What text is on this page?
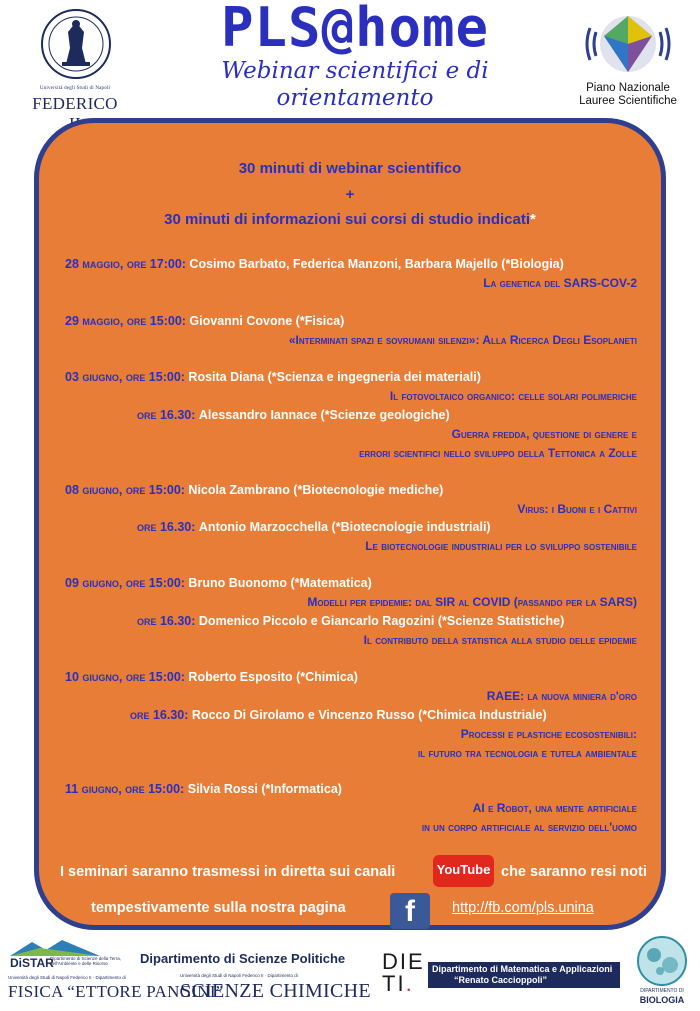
Università degli Studi di Napoli
FEDERICO
PLS@home
Webinar scientifici e di orientamento	Piano Nazionale
Lauree Scientifiche
30 minuti di webinar scientifico
+
30 minuti di informazioni sui corsi di studio indicati*
28 maggio, ore 17:00: Cosimo Barbato, Federica Manzoni, Barbara Majello (*Biologia)
La genetica del SARS-COV-2
29 maggio, ore 15:00: Giovanni Covone (*Fisica)
«Interminati spazi e sovrumani silenzi»: Alla Ricerca Degli Esoplaneti
03 giugno, ore 15:00: Rosita Diana (*Scienza e ingegneria dei materiali)
Il fotovoltaico organico: celle solari polimeriche
ore 16.30: Alessandro Iannace (*Scienze geologiche)
Guerra fredda, questione di genere e
errori scientifici nello sviluppo della Tettonica a Zolle
08 giugno, ore 15:00: Nicola Zambrano (*Biotecnologie mediche)
Virus: i Buoni e i Cattivi
ore 16.30: Antonio Marzocchella (*Biotecnologie industriali)
Le biotecnologie industriali per lo sviluppo sostenibile
09 giugno, ore 15:00: Bruno Buonomo (*Matematica)
Modelli per epidemie: dal SIR al COVID (passando per la SARS)
ore 16.30: Domenico Piccolo e Giancarlo Ragozini (*Scienze Statistiche)
Il contributo della statistica alla studio delle epidemie
10 giugno, ore 15:00: Roberto Esposito (*Chimica)
RAEE: la nuova miniera d'oro
ore 16.30: Rocco Di Girolamo e Vincenzo Russo (*Chimica Industriale)
Processi e plastiche ecosostenibili:
il futuro tra tecnologia e tutela ambientale
11 giugno, ore 15:00: Silvia Rossi (*Informatica)
AI e Robot, una mente artificiale
in un corpo artificiale al servizio dell'uomo
I seminari saranno trasmessi in diretta sui canali	YouTube che saranno resi noti
tempestivamente sulla nostra pagina	f	http://fb.com/pls.unina
DiSTAR
Dipartimento di Scienze della Terra, dell'Ambiente e delle Risorse	Dipartimento di Scienze Politiche
Università degli Studi di Napoli Federico II · Dipartimento di
FISICA “ETTORE PANCINI”
Università degli Studi di Napoli Federico II · Dipartimento di
SCIENZE CHIMICHE
DIE
TI.
Dipartimento di Matematica e Applicazioni
“Renato Caccioppoli”
DIPARTIMENTO DI
BIOLOGIA
